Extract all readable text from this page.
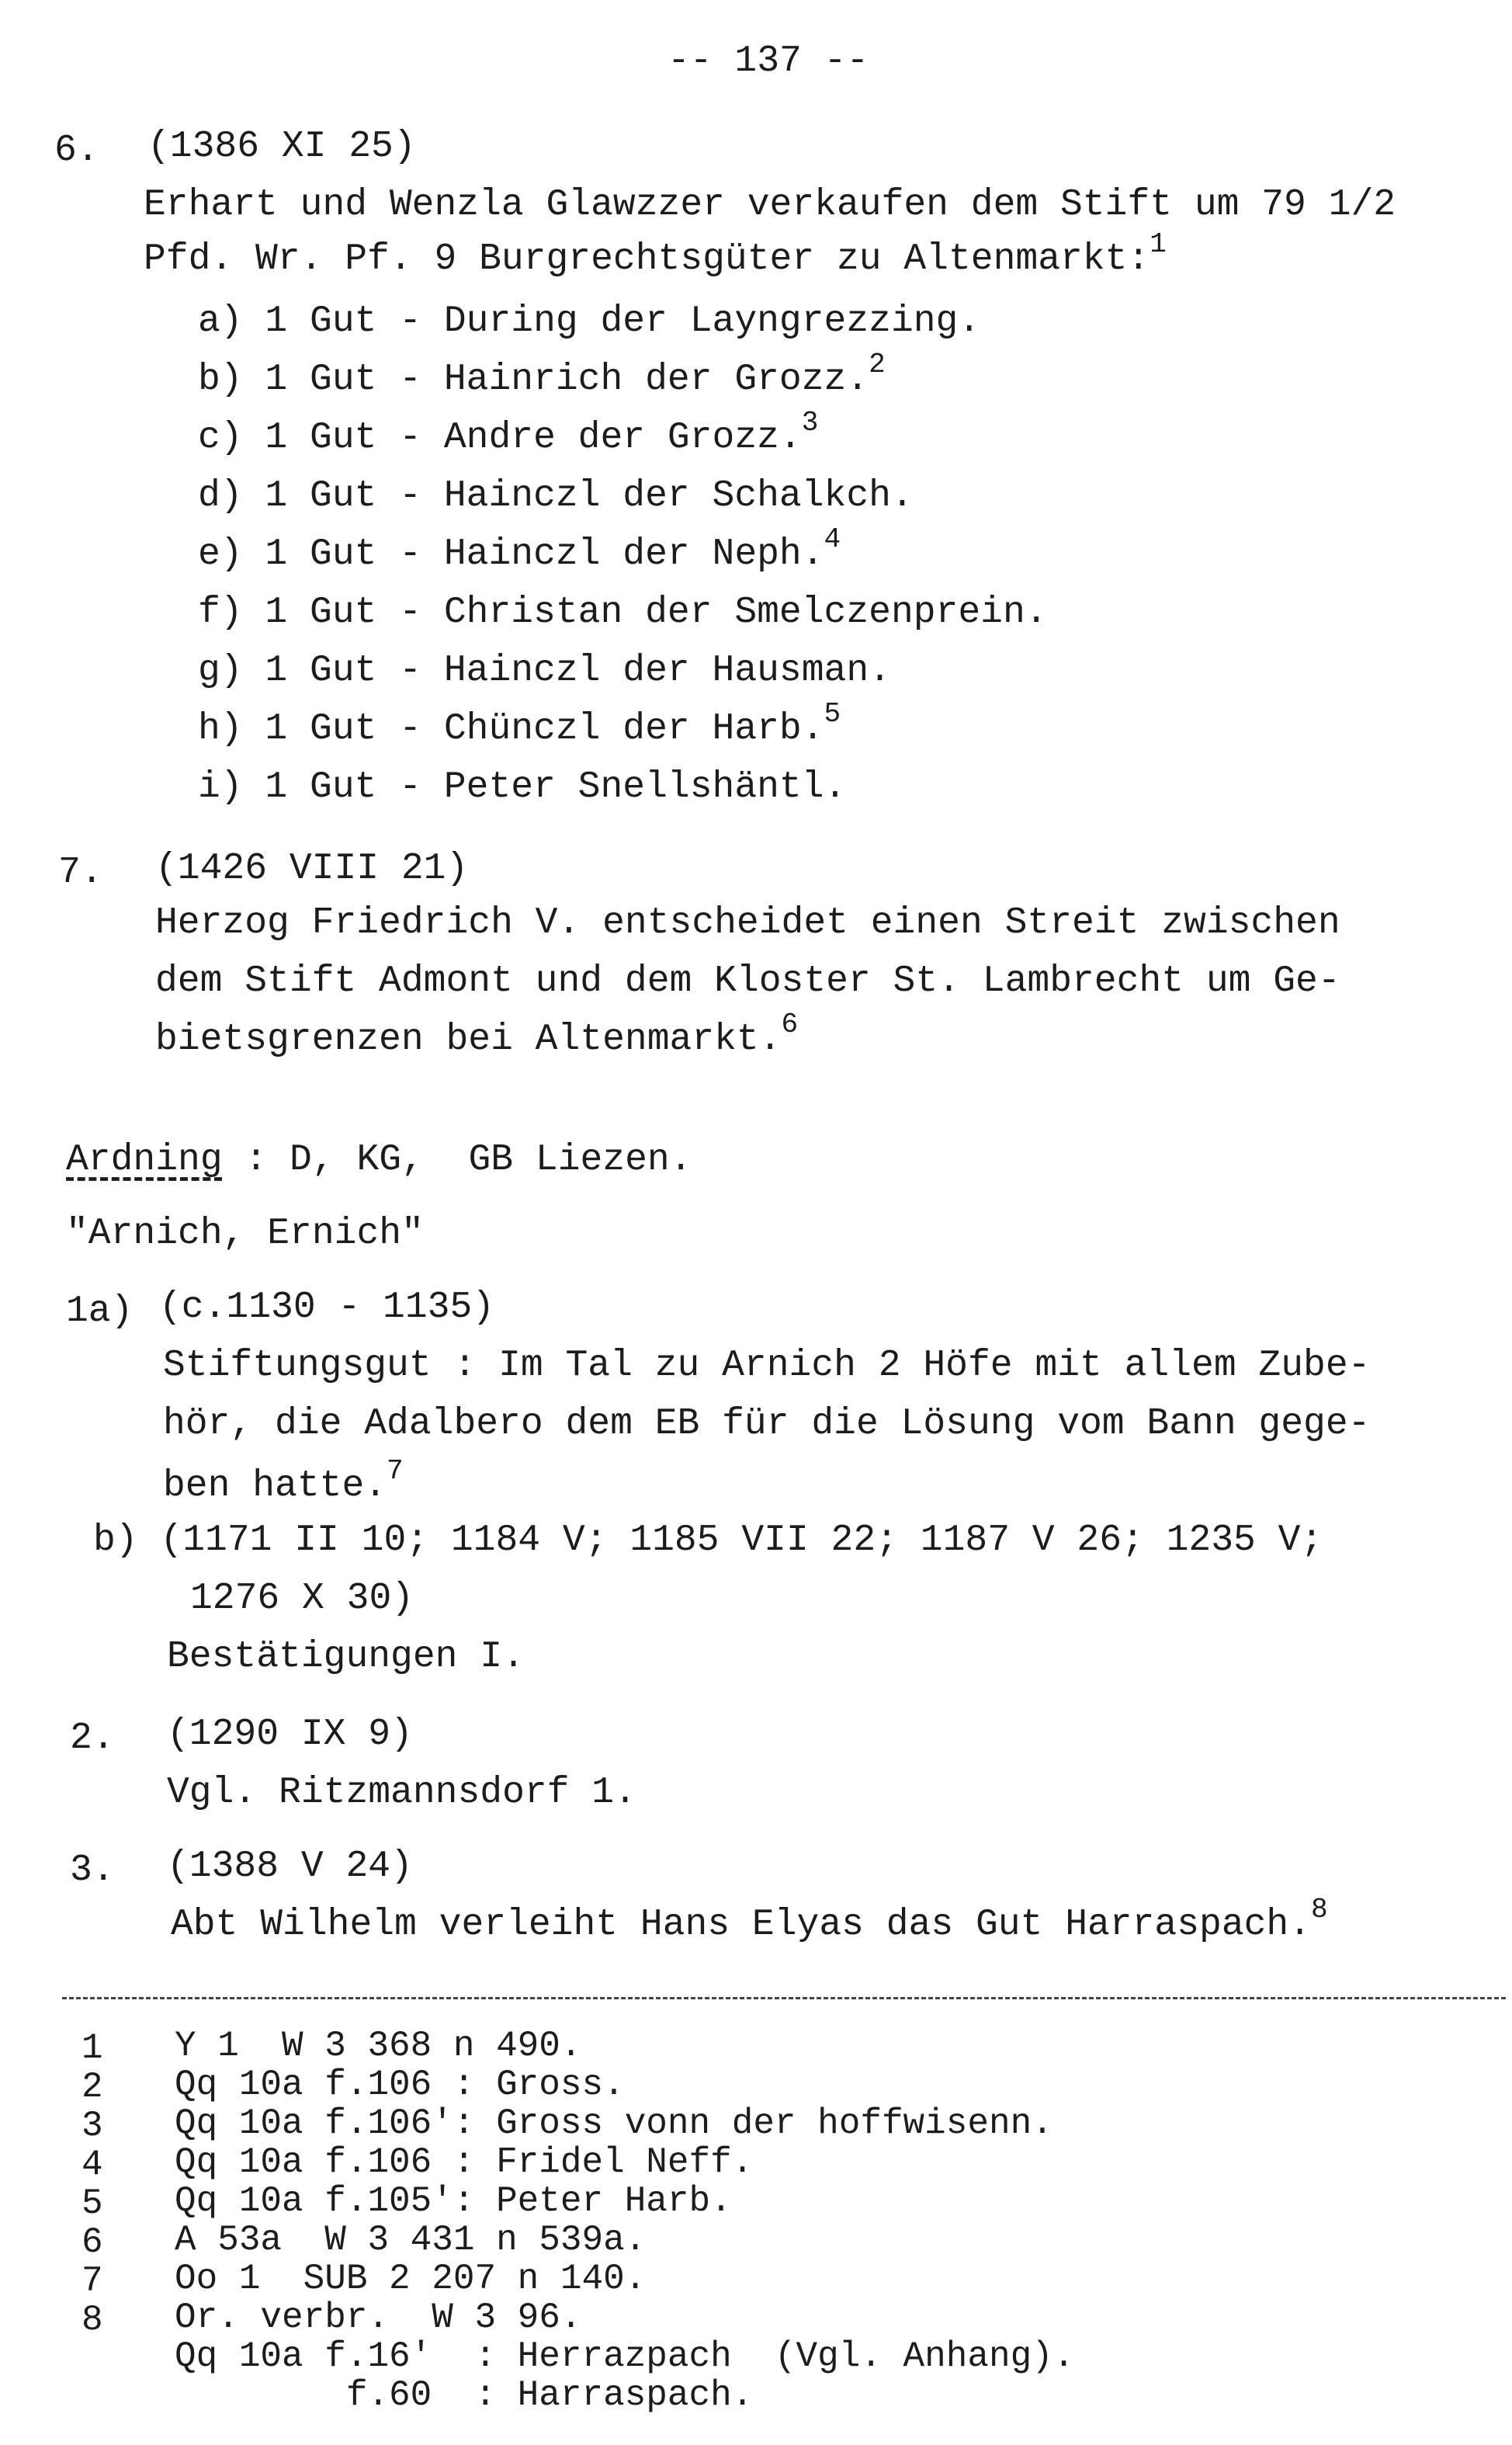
-- 137 --
6. (1386 XI 25)
Erhart und Wenzla Glawzzer verkaufen dem Stift um 79 1/2
Pfd. Wr. Pf. 9 Burgrechtsgüter zu Altenmarkt:$^1$
a) 1 Gut - During der Layngrezzing.
b) 1 Gut - Hainrich der Grozz.$^2$
c) 1 Gut - Andre der Grozz.$^3$
d) 1 Gut - Hainczl der Schalkch.
e) 1 Gut - Hainczl der Neph.$^4$
f) 1 Gut - Christan der Smelczenprein.
g) 1 Gut - Hainczl der Hausman.
h) 1 Gut - Chünczl der Harb.$^5$
i) 1 Gut - Peter Snellshäntl.
7. (1426 VIII 21)
Herzog Friedrich V. entscheidet einen Streit zwischen
dem Stift Admont und dem Kloster St. Lambrecht um Ge-
bietsgrenzen bei Altenmarkt.$^6$
Ardning : D, KG,  GB Liezen.
"Arnich, Ernich"
1a) (c.1130 - 1135)
Stiftungsgut : Im Tal zu Arnich 2 Höfe mit allem Zube-
hör, die Adalbero dem EB für die Lösung vom Bann gege-
ben hatte.$^7$
b) (1171 II 10; 1184 V; 1185 VII 22; 1187 V 26; 1235 V;
1276 X 30)
Bestätigungen I.
2. (1290 IX 9)
Vgl. Ritzmannsdorf 1.
3. (1388 V 24)
Abt Wilhelm verleiht Hans Elyas das Gut Harraspach.$^8$
1 Y 1  W 3 368 n 490.
2 Qq 10a f.106 : Gross.
3 Qq 10a f.106': Gross vonn der hoffwisenn.
4 Qq 10a f.106 : Fridel Neff.
5 Qq 10a f.105': Peter Harb.
6 A 53a  W 3 431 n 539a.
7 Oo 1  SUB 2 207 n 140.
8 Or. verbr.  W 3 96.
Qq 10a f.16'  : Herrazpach  (Vgl. Anhang).
f.60  : Harraspach.
